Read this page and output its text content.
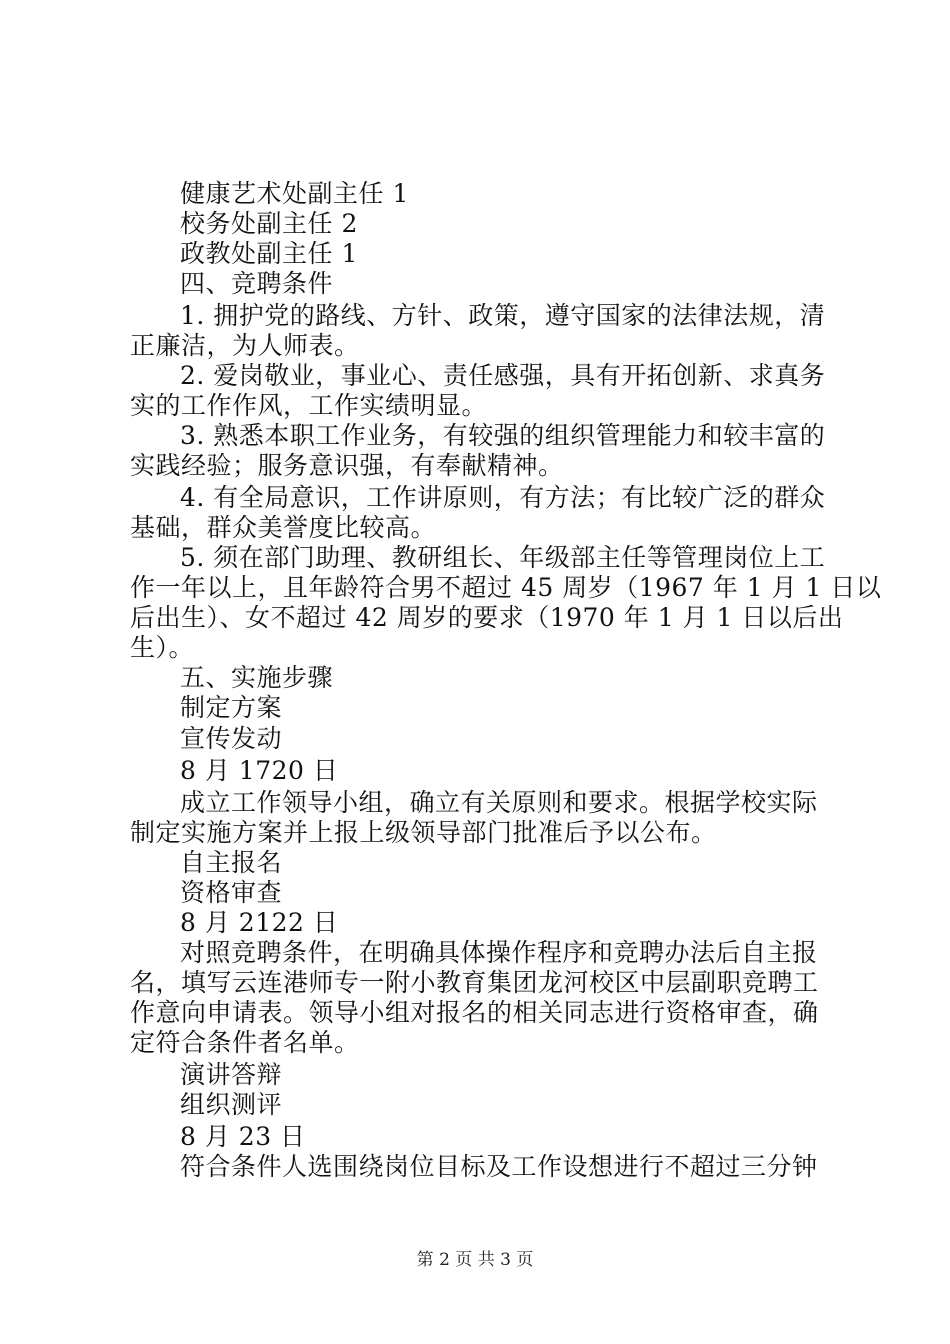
健康艺术处副主任 1
校务处副主任 2
政教处副主任 1
四、竞聘条件
1. 拥护党的路线、方针、政策，遵守国家的法律法规，清
正廉洁，为人师表。
2. 爱岗敬业，事业心、责任感强，具有开拓创新、求真务
实的工作作风，工作实绩明显。
3. 熟悉本职工作业务，有较强的组织管理能力和较丰富的
实践经验；服务意识强，有奉献精神。
4. 有全局意识，工作讲原则，有方法；有比较广泛的群众
基础，群众美誉度比较高。
5. 须在部门助理、教研组长、年级部主任等管理岗位上工
作一年以上，且年龄符合男不超过 45 周岁（1967 年 1 月 1 日以
后出生）、女不超过 42 周岁的要求（1970 年 1 月 1 日以后出
生）。
五、实施步骤
制定方案
宣传发动
8 月 1720 日
成立工作领导小组，确立有关原则和要求。根据学校实际
制定实施方案并上报上级领导部门批准后予以公布。
自主报名
资格审查
8 月 2122 日
对照竞聘条件，在明确具体操作程序和竞聘办法后自主报
名，填写云连港师专一附小教育集团龙河校区中层副职竞聘工
作意向申请表。领导小组对报名的相关同志进行资格审查，确
定符合条件者名单。
演讲答辩
组织测评
8 月 23 日
符合条件人选围绕岗位目标及工作设想进行不超过三分钟
第 2 页 共 3 页
